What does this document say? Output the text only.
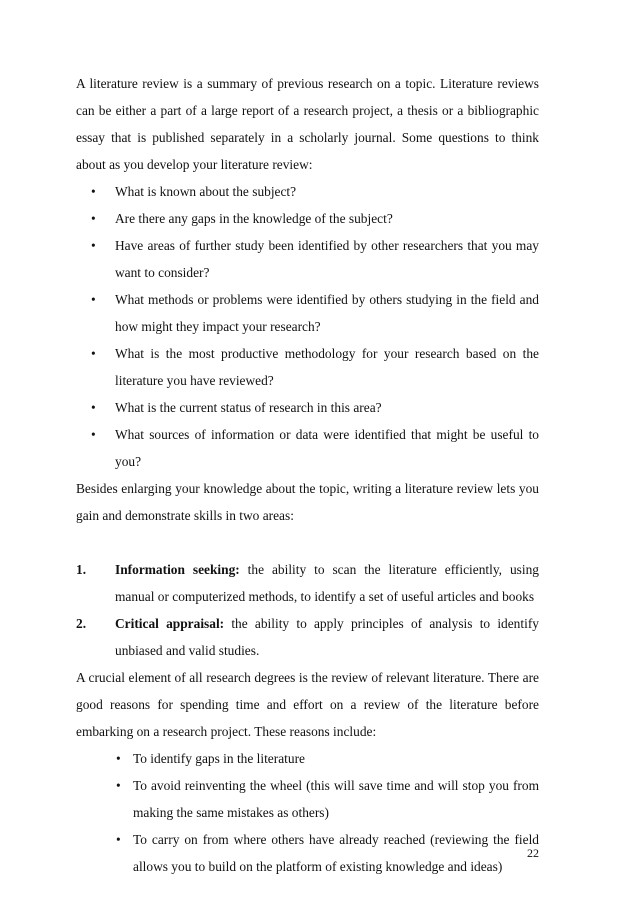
A literature review is a summary of previous research on a topic. Literature reviews can be either a part of a large report of a research project, a thesis or a bibliographic essay that is published separately in a scholarly journal. Some questions to think about as you develop your literature review:

• What is known about the subject?
• Are there any gaps in the knowledge of the subject?
• Have areas of further study been identified by other researchers that you may want to consider?
• What methods or problems were identified by others studying in the field and how might they impact your research?
• What is the most productive methodology for your research based on the literature you have reviewed?
• What is the current status of research in this area?
• What sources of information or data were identified that might be useful to you?

Besides enlarging your knowledge about the topic, writing a literature review lets you gain and demonstrate skills in two areas:

1. Information seeking: the ability to scan the literature efficiently, using manual or computerized methods, to identify a set of useful articles and books
2. Critical appraisal: the ability to apply principles of analysis to identify unbiased and valid studies.

A crucial element of all research degrees is the review of relevant literature. There are good reasons for spending time and effort on a review of the literature before embarking on a research project. These reasons include:

• To identify gaps in the literature
• To avoid reinventing the wheel (this will save time and will stop you from making the same mistakes as others)
• To carry on from where others have already reached (reviewing the field allows you to build on the platform of existing knowledge and ideas)
22
